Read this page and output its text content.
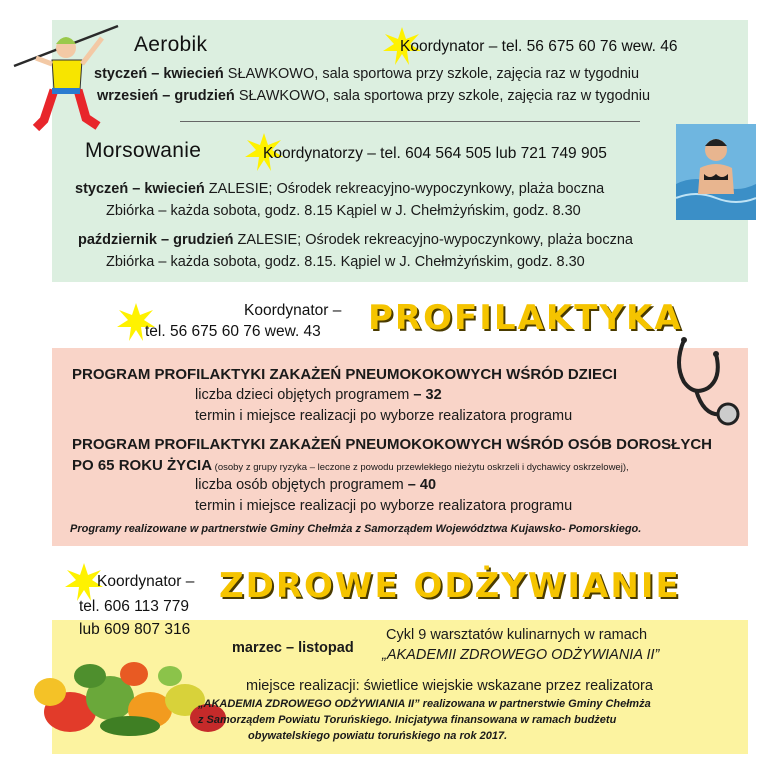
Aerobik	Koordynator – tel. 56 675 60 76 wew. 46
styczeń – kwiecień SŁAWKOWO, sala sportowa przy szkole, zajęcia raz w tygodniu
wrzesień – grudzień SŁAWKOWO, sala sportowa przy szkole, zajęcia raz w tygodniu
Morsowanie	Koordynatorzy – tel. 604 564 505 lub 721 749 905
styczeń – kwiecień ZALESIE; Ośrodek rekreacyjno-wypoczynkowy, plaża boczna
Zbiórka – każda sobota, godz. 8.15 Kąpiel w J. Chełmżyńskim, godz. 8.30
październik – grudzień ZALESIE; Ośrodek rekreacyjno-wypoczynkowy, plaża boczna
Zbiórka – każda sobota, godz. 8.15. Kąpiel w J. Chełmżyńskim, godz. 8.30
Koordynator –
tel. 56 675 60 76 wew. 43 PROFILAKTYKA
PROGRAM PROFILAKTYKI ZAKAŻEŃ PNEUMOKOKOWYCH WŚRÓD DZIECI
liczba dzieci objętych programem – 32
termin i miejsce realizacji po wyborze realizatora programu
PROGRAM PROFILAKTYKI ZAKAŻEŃ PNEUMOKOKOWYCH WŚRÓD OSÓB DOROSŁYCH
PO 65 ROKU ŻYCIA (osoby z grupy ryzyka – leczone z powodu przewlekłego nieżytu oskrzeli i dychawicy oskrzelowej),
liczba osób objętych programem – 40
termin i miejsce realizacji po wyborze realizatora programu
Programy realizowane w partnerstwie Gminy Chełmża z Samorządem Województwa Kujawsko- Pomorskiego.
Koordynator –
tel. 606 113 779
lub 609 807 316
ZDROWE ODŻYWIANIE
marzec – listopad
Cykl 9 warsztatów kulinarnych w ramach
„AKADEMII ZDROWEGO ODŻYWIANIA II”
miejsce realizacji: świetlice wiejskie wskazane przez realizatora
„AKADEMIA ZDROWEGO ODŻYWIANIA II” realizowana w partnerstwie Gminy Chełmża
z Samorządem Powiatu Toruńskiego. Inicjatywa finansowana w ramach budżetu
obywatelskiego powiatu toruńskiego na rok 2017.
